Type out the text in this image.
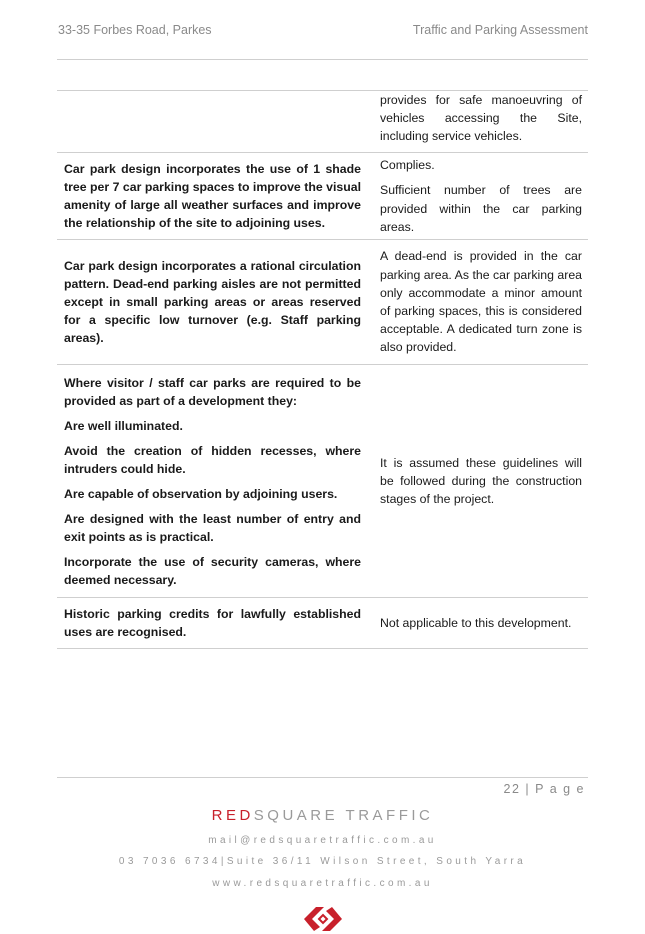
33-35 Forbes Road, Parkes	Traffic and Parking Assessment

provides for safe manoeuvring of vehicles accessing the Site, including service vehicles.

Car park design incorporates the use of 1 shade tree per 7 car parking spaces to improve the visual amenity of large all weather surfaces and improve the relationship of the site to adjoining uses.

Complies.

Sufficient number of trees are provided within the car parking areas.

Car park design incorporates a rational circulation pattern. Dead-end parking aisles are not permitted except in small parking areas or areas reserved for a specific low turnover (e.g. Staff parking areas).

A dead-end is provided in the car parking area. As the car parking area only accommodate a minor amount of parking spaces, this is considered acceptable. A dedicated turn zone is also provided.

Where visitor / staff car parks are required to be provided as part of a development they:

Are well illuminated.

Avoid the creation of hidden recesses, where intruders could hide.

Are capable of observation by adjoining users.

Are designed with the least number of entry and exit points as is practical.

Incorporate the use of security cameras, where deemed necessary.

It is assumed these guidelines will be followed during the construction stages of the project.

Historic parking credits for lawfully established uses are recognised.

Not applicable to this development.

22 | P a g e
REDSQUARE TRAFFIC
mail@redsquaretraffic.com.au
03 7036 6734|Suite 36/11 Wilson Street, South Yarra
www.redsquaretraffic.com.au
